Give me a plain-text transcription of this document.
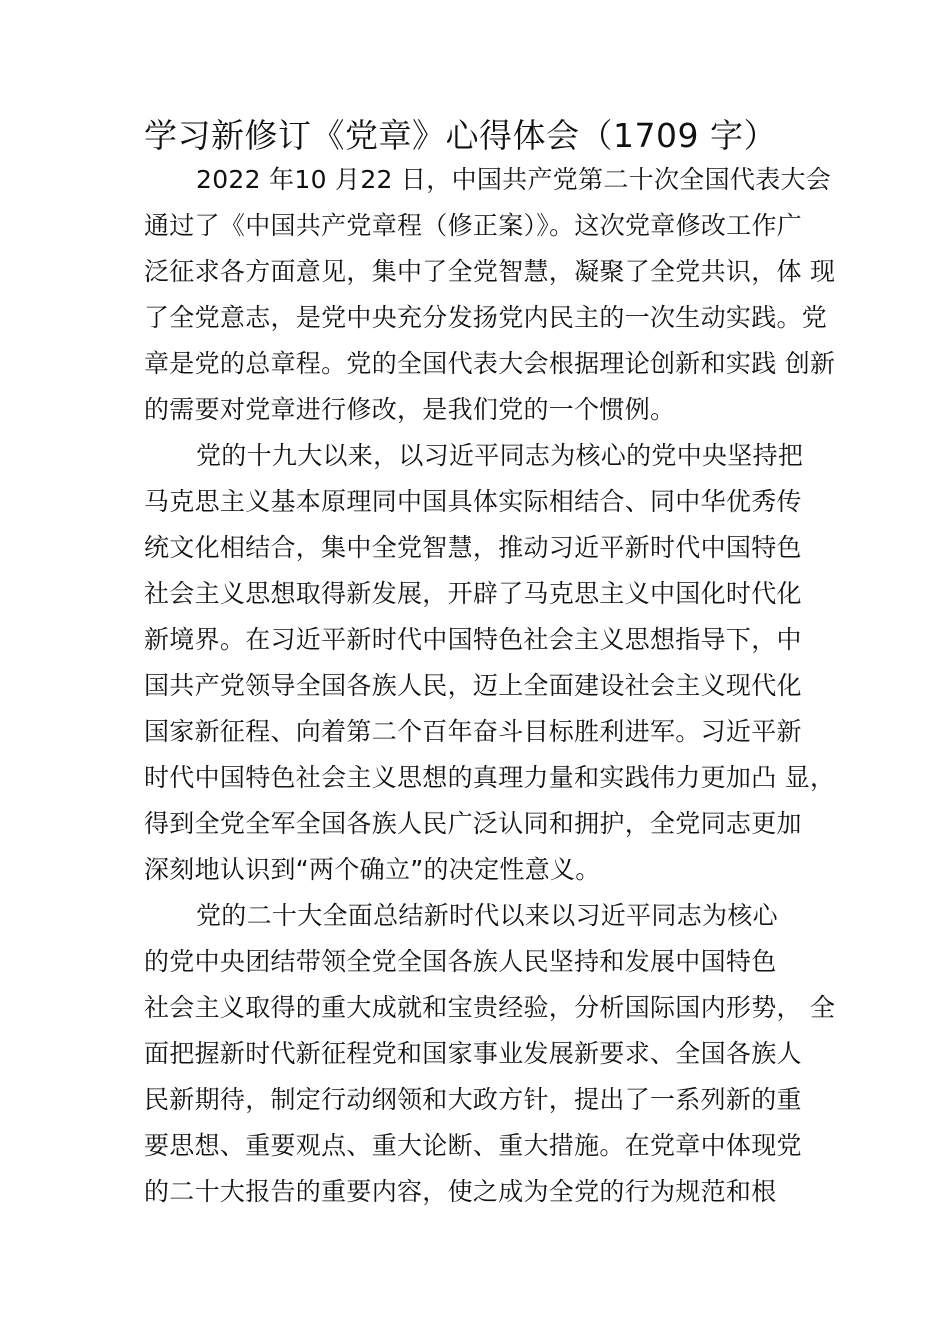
学习新修订《党章》心得体会（1709 字）
2022 年10 月22 日，中国共产党第二十次全国代表大会
通过了《中国共产党章程（修正案）》。这次党章修改工作广
泛征求各方面意见，集中了全党智慧，凝聚了全党共识，体 现
了全党意志，是党中央充分发扬党内民主的一次生动实践。党
章是党的总章程。党的全国代表大会根据理论创新和实践 创新
的需要对党章进行修改，是我们党的一个惯例。
党的十九大以来，以习近平同志为核心的党中央坚持把
马克思主义基本原理同中国具体实际相结合、同中华优秀传
统文化相结合，集中全党智慧，推动习近平新时代中国特色
社会主义思想取得新发展，开辟了马克思主义中国化时代化
新境界。在习近平新时代中国特色社会主义思想指导下，中
国共产党领导全国各族人民，迈上全面建设社会主义现代化
国家新征程、向着第二个百年奋斗目标胜利进军。习近平新
时代中国特色社会主义思想的真理力量和实践伟力更加凸 显，
得到全党全军全国各族人民广泛认同和拥护，全党同志更加
深刻地认识到“两个确立”的决定性意义。
党的二十大全面总结新时代以来以习近平同志为核心
的党中央团结带领全党全国各族人民坚持和发展中国特色
社会主义取得的重大成就和宝贵经验，分析国际国内形势， 全
面把握新时代新征程党和国家事业发展新要求、全国各族人
民新期待，制定行动纲领和大政方针，提出了一系列新的重
要思想、重要观点、重大论断、重大措施。在党章中体现党
的二十大报告的重要内容，使之成为全党的行为规范和根
